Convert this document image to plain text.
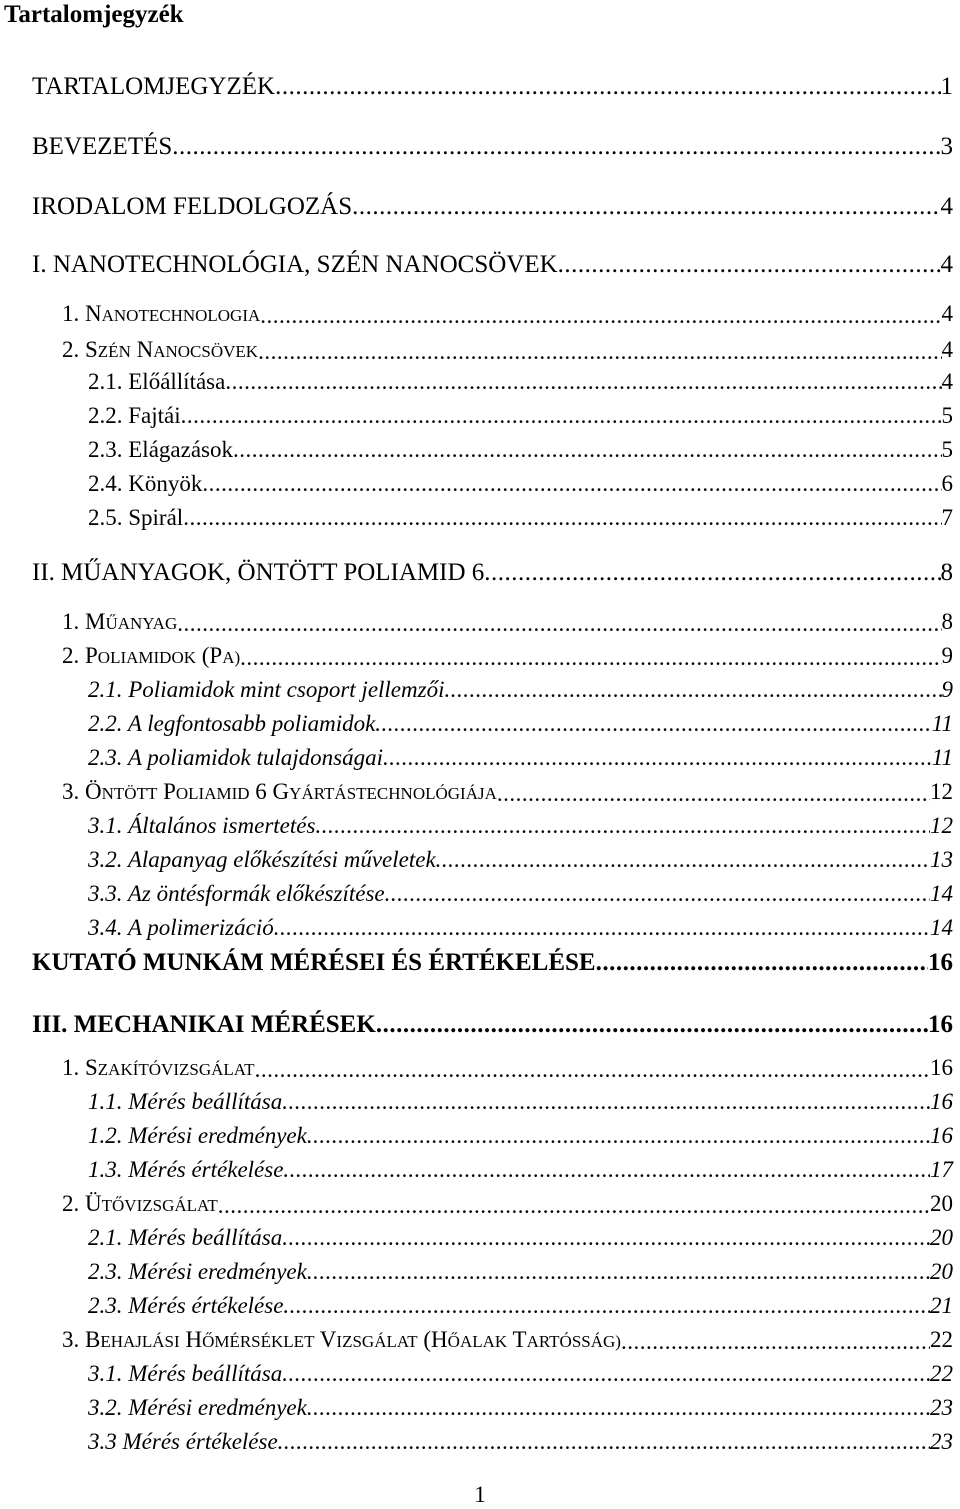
Tartalomjegyzék
TARTALOMJEGYZÉK .....	1
BEVEZETÉS .....	3
IRODALOM FELDOLGOZÁS .....	4
I. NANOTECHNOLÓGIA, SZÉN NANOCSÖVEK .....	4
1. NANOTECHNOLOGIA .....	4
2. SZÉN NANOCSÖVEK .....	4
2.1. Előállítása .....	4
2.2. Fajtái .....	5
2.3. Elágazások .....	5
2.4. Könyök .....	6
2.5. Spirál .....	7
II. MŰANYAGOK, ÖNTÖTT POLIAMID 6 .....	8
1. MŰANYAG .....	8
2. POLIAMIDOK (PA) .....	9
2.1. Poliamidok mint csoport jellemzői .....	9
2.2. A legfontosabb poliamidok .....	11
2.3. A poliamidok tulajdonságai .....	11
3. ÖNTÖTT POLIAMID 6 GYÁRTÁSTECHNOLÓGIÁJA .....	12
3.1. Általános ismertetés .....	12
3.2. Alapanyag előkészítési műveletek .....	13
3.3. Az öntésformák előkészítése .....	14
3.4. A polimerizáció .....	14
KUTATÓ MUNKÁM MÉRÉSEI ÉS ÉRTÉKELÉSE .....	16
III. MECHANIKAI MÉRÉSEK .....	16
1. SZAKÍTÓVIZSGÁLAT .....	16
1.1. Mérés beállítása .....	16
1.2. Mérési eredmények .....	16
1.3. Mérés értékelése .....	17
2. ÜTŐVIZSGÁLAT .....	20
2.1. Mérés beállítása .....	20
2.3. Mérési eredmények .....	20
2.3. Mérés értékelése .....	21
3. BEHAJLÁSI HŐMÉRSÉKLET VIZSGÁLAT (HŐALAK TARTÓSSÁG) .....	22
3.1. Mérés beállítása .....	22
3.2. Mérési eredmények .....	23
3.3 Mérés értékelése .....	23
1
